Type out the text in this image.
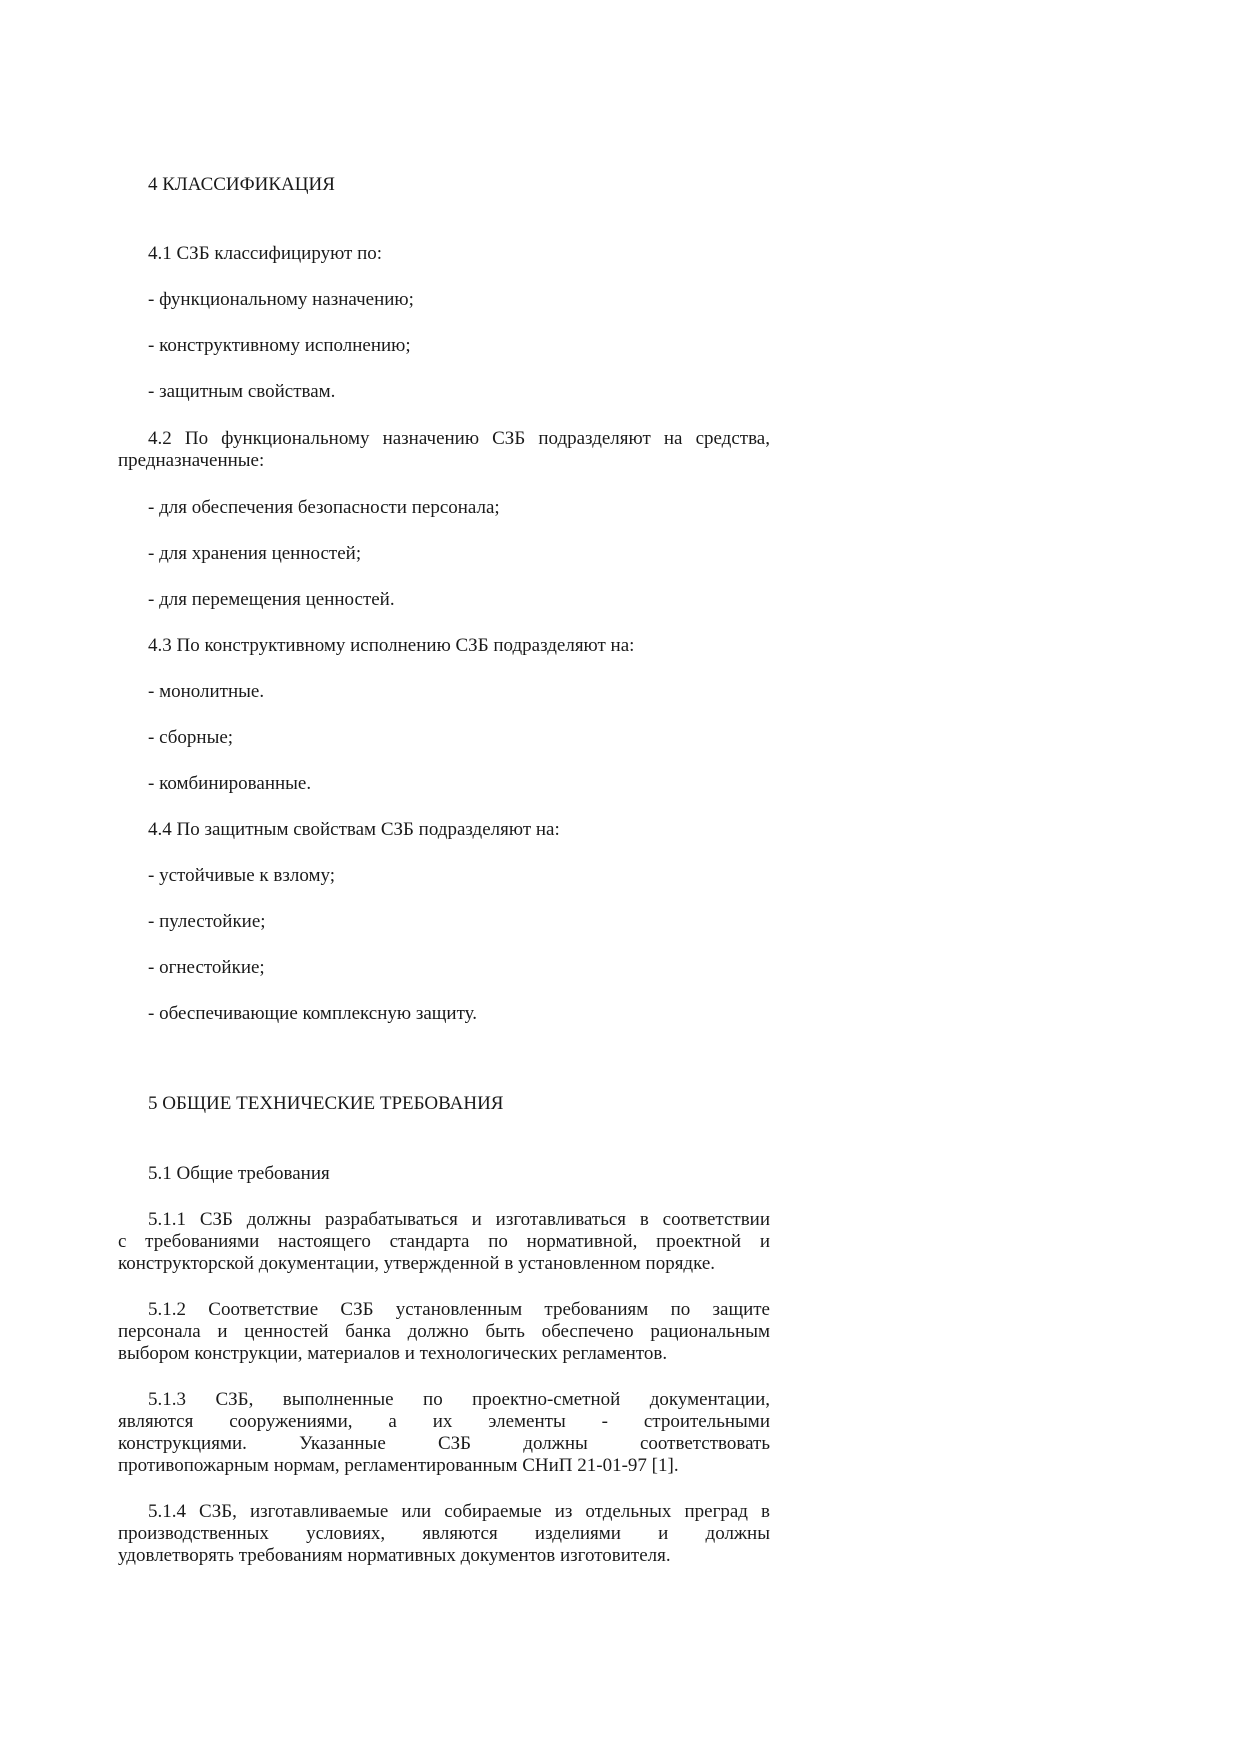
4 КЛАССИФИКАЦИЯ

4.1 СЗБ классифицируют по:

- функциональному назначению;

- конструктивному исполнению;

- защитным свойствам.

4.2 По функциональному назначению СЗБ подразделяют на средства,

предназначенные:

- для обеспечения безопасности персонала;

- для хранения ценностей;

- для перемещения ценностей.

4.3 По конструктивному исполнению СЗБ подразделяют на:

- монолитные.

- сборные;

- комбинированные.

4.4 По защитным свойствам СЗБ подразделяют на:

- устойчивые к взлому;

- пулестойкие;

- огнестойкие;

- обеспечивающие комплексную защиту.

5 ОБЩИЕ ТЕХНИЧЕСКИЕ ТРЕБОВАНИЯ

5.1 Общие требования

5.1.1 СЗБ должны разрабатываться и изготавливаться в соответствии

с требованиями настоящего стандарта по нормативной, проектной и

конструкторской документации, утвержденной в установленном порядке.

5.1.2 Соответствие СЗБ установленным требованиям по защите

персонала и ценностей банка должно быть обеспечено рациональным

выбором конструкции, материалов и технологических регламентов.

5.1.3 СЗБ, выполненные по проектно-сметной документации,

являются сооружениями, а их элементы - строительными

конструкциями. Указанные СЗБ должны соответствовать

противопожарным нормам, регламентированным СНиП 21-01-97 [1].

5.1.4 СЗБ, изготавливаемые или собираемые из отдельных преград в

производственных условиях, являются изделиями и должны

удовлетворять требованиям нормативных документов изготовителя.
